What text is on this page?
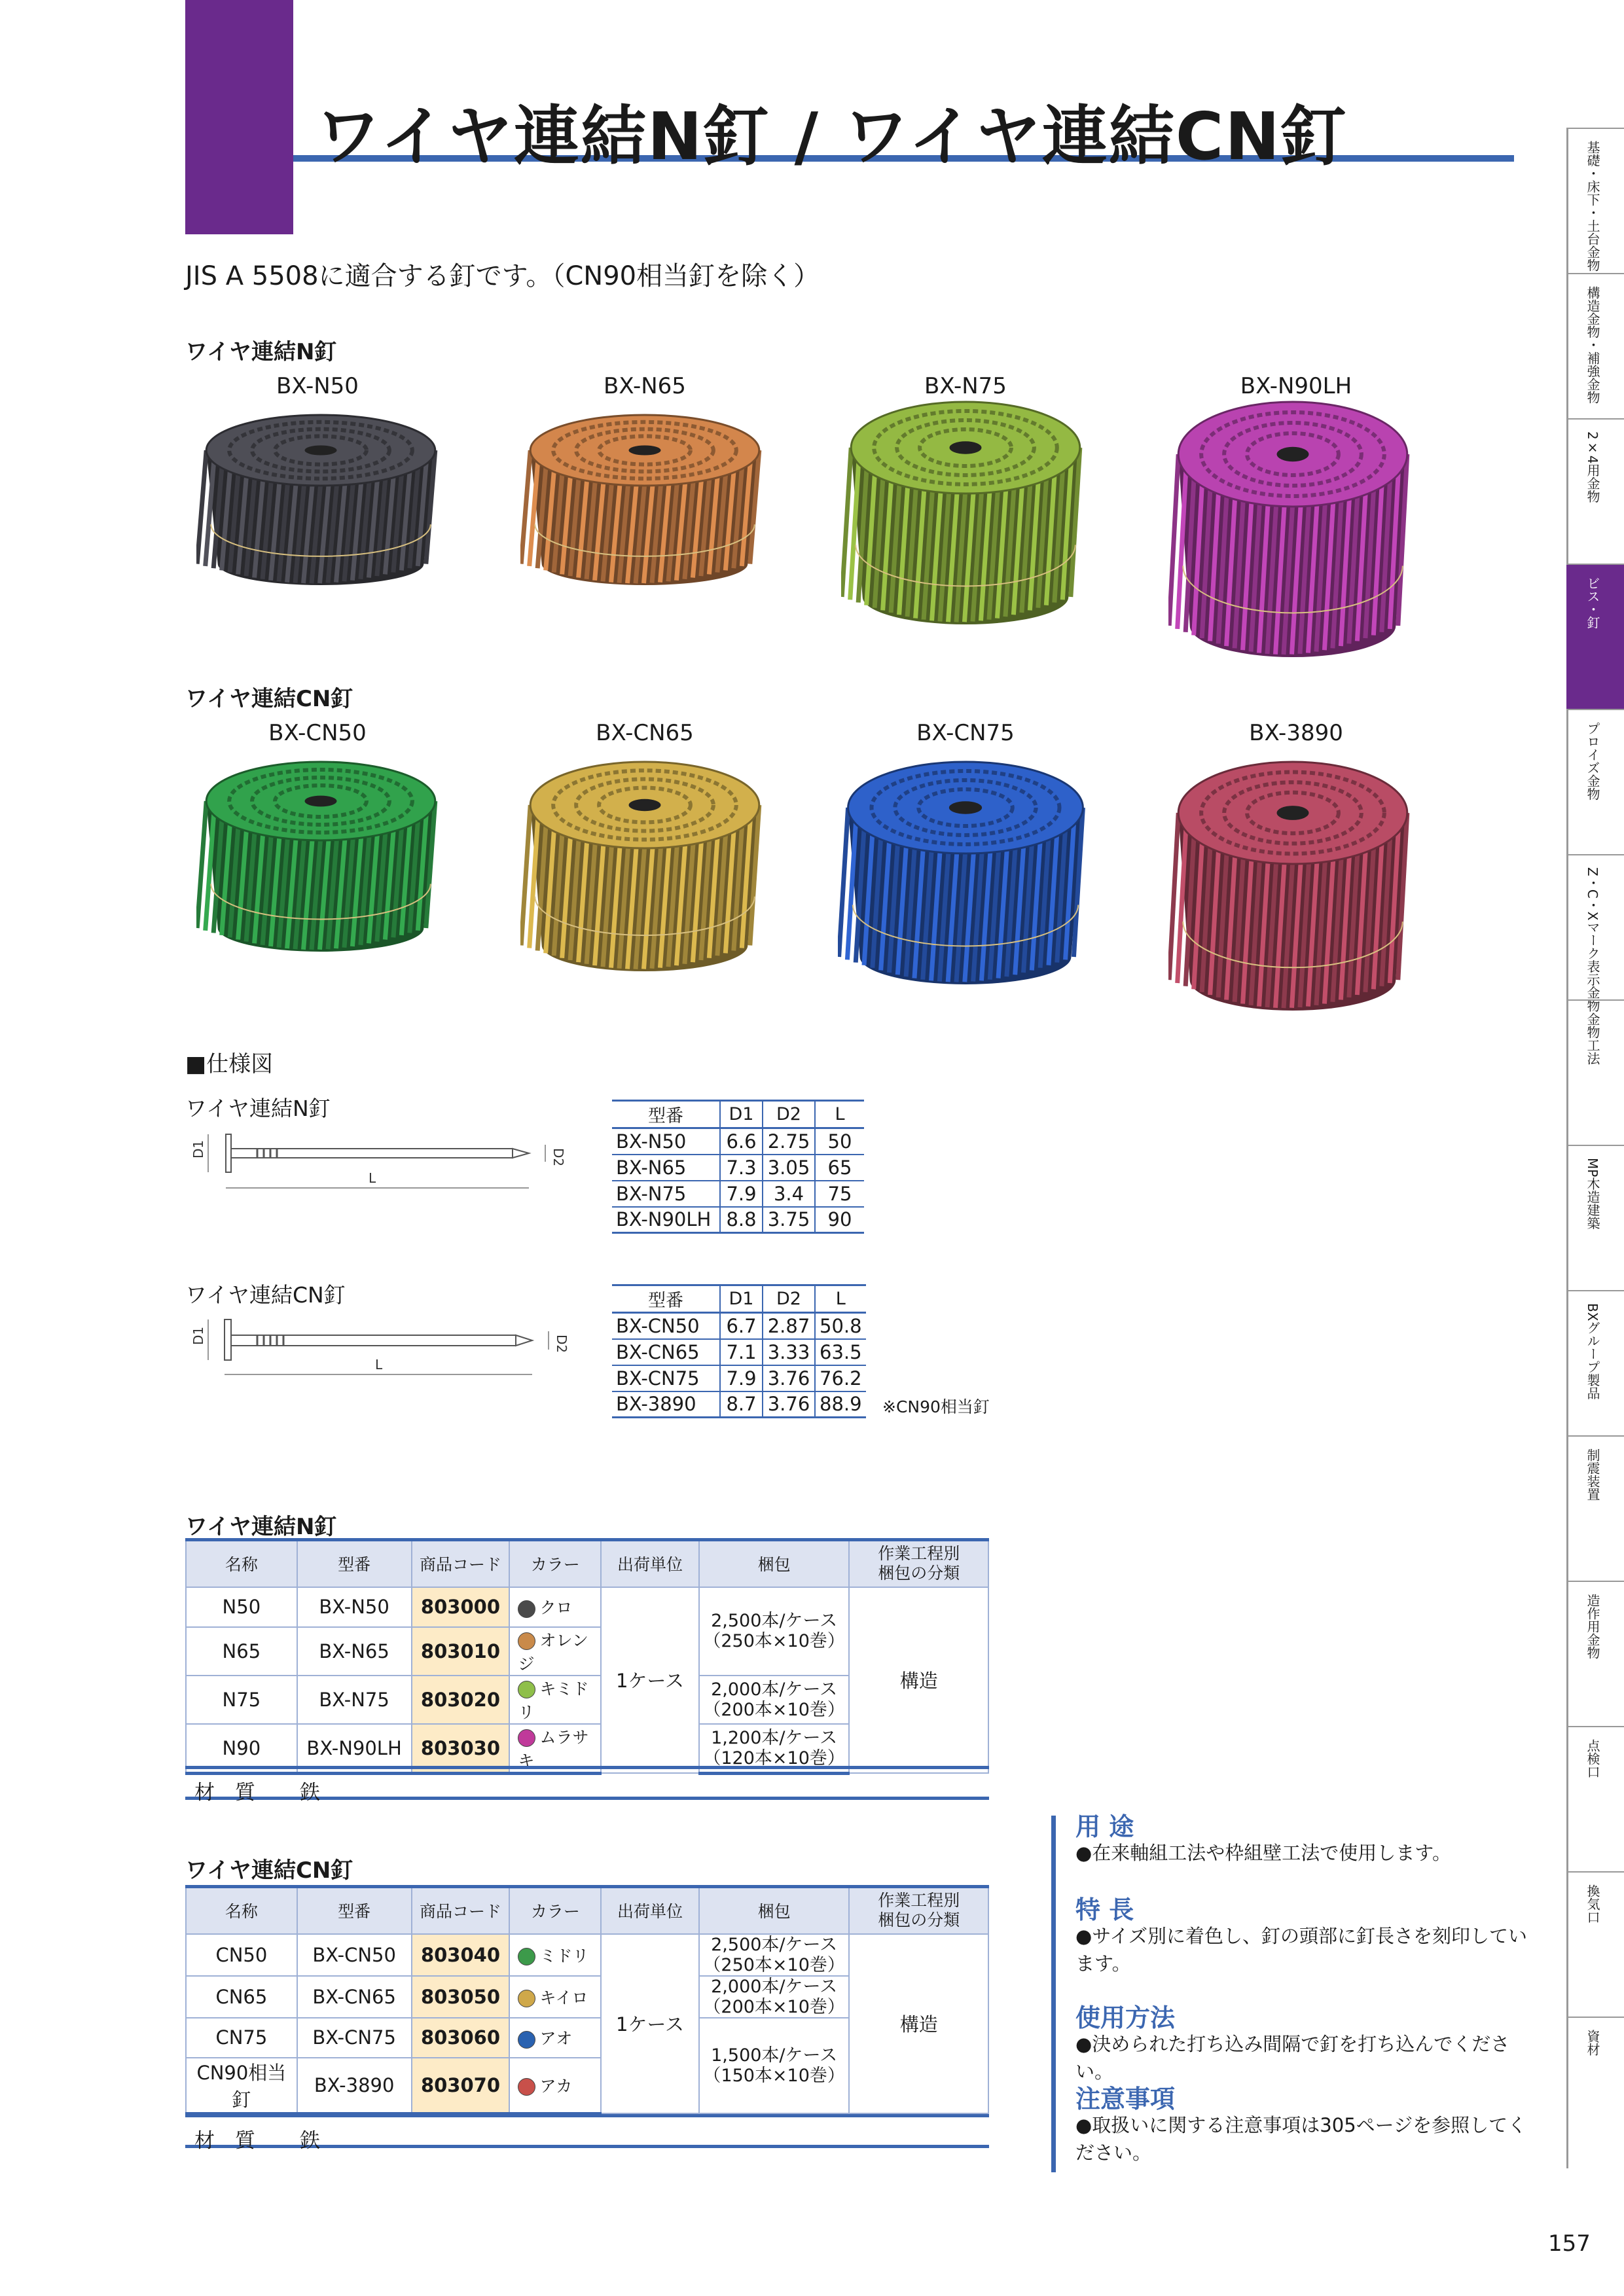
ワイヤ連結N釘 / ワイヤ連結CN釘
JIS A 5508に適合する釘です。（CN90相当釘を除く）
ワイヤ連結N釘
BX-N50	BX-N65	BX-N75	BX-N90LH
ワイヤ連結CN釘
BX-CN50	BX-CN65	BX-CN75	BX-3890
■仕様図
ワイヤ連結N釘
D1
L
D2
ワイヤ連結CN釘
D1
L
D2
型番	D1	D2	L
BX-N50	6.6	2.75	50
BX-N65	7.3	3.05	65
BX-N75	7.9	3.4	75
BX-N90LH	8.8	3.75	90
型番	D1	D2	L
BX-CN50	6.7	2.87	50.8
BX-CN65	7.1	3.33	63.5
BX-CN75	7.9	3.76	76.2
BX-3890	8.7	3.76	88.9 ※CN90相当釘
ワイヤ連結N釘
名称	型番	商品コード	カラー	出荷単位	梱包	作業工程別
梱包の分類
N50	BX-N50	803000	クロ	1ケース	2,500本/ケース
（250本×10巻）	構造
N65	BX-N65	803010	オレンジ			
N75	BX-N75	803020	キミドリ		2,000本/ケース
（200本×10巻）	
N90	BX-N90LH	803030	ムラサキ		1,200本/ケース
（120本×10巻）	
材　質 鉄
ワイヤ連結CN釘
名称	型番	商品コード	カラー	出荷単位	梱包	作業工程別
梱包の分類
CN50	BX-CN50	803040	ミドリ	1ケース	2,500本/ケース
（250本×10巻）	構造
CN65	BX-CN65	803050	キイロ		2,000本/ケース
（200本×10巻）	
CN75	BX-CN75	803060	アオ		1,500本/ケース
（150本×10巻）	
CN90相当釘	BX-3890	803070	アカ			
材　質 鉄
用 途
●在来軸組工法や枠組壁工法で使用します。
特 長
●サイズ別に着色し、釘の頭部に釘長さを刻印しています。
使用方法
●決められた打ち込み間隔で釘を打ち込んでください。
注意事項
●取扱いに関する注意事項は305ページを参照してください。
基礎・床下・土台金物
構造金物・補強金物
2×4用金物
ビス・釘
プロイズ金物
Z・C・Xマーク表示金物
金物工法
MP木造建築
BXグループ製品
制震装置
造作用金物
点検口
換気口
資材
157
